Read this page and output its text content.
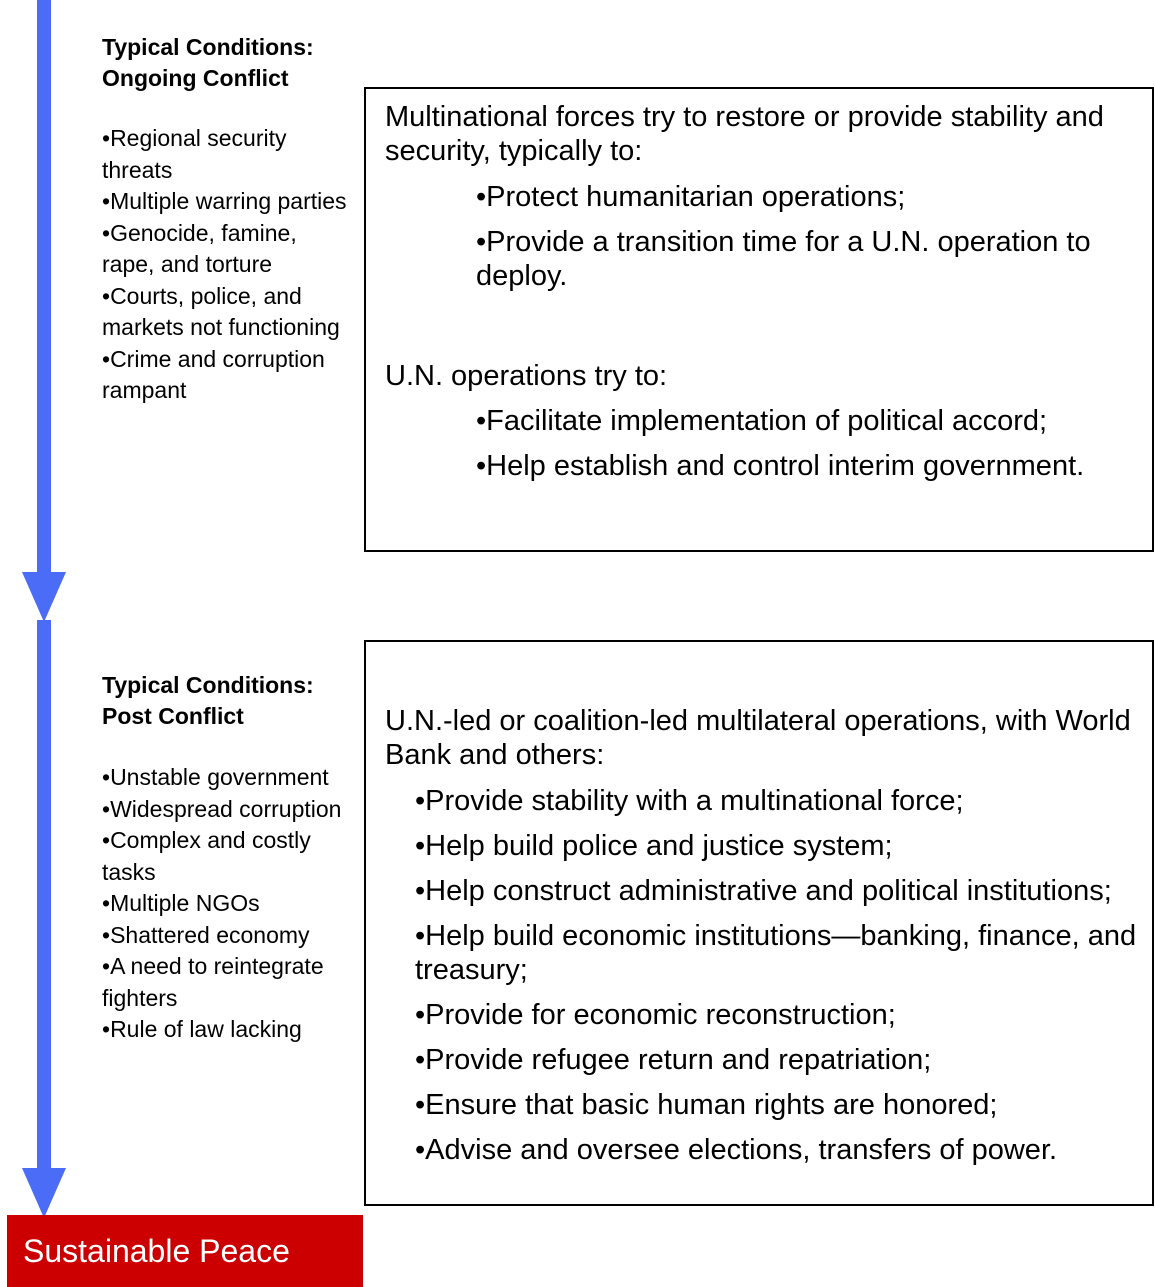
Typical Conditions: Ongoing Conflict
• Regional security threats
• Multiple warring parties
• Genocide, famine, rape, and torture
• Courts, police, and markets not functioning
• Crime and corruption rampant

Multinational forces try to restore or provide stability and security, typically to:

• Protect humanitarian operations;
• Provide a transition time for a U.N. operation to deploy.

U.N. operations try to:

• Facilitate implementation of political accord;
• Help establish and control interim government.
Typical Conditions: Post Conflict
• Unstable government
• Widespread corruption
• Complex and costly tasks
• Multiple NGOs
• Shattered economy
• A need to reintegrate fighters
• Rule of law lacking

U.N.-led or coalition-led multilateral operations, with World Bank and others:

• Provide stability with a multinational force;
• Help build police and justice system;
• Help construct administrative and political institutions;
• Help build economic institutions—banking, finance, and treasury;
• Provide for economic reconstruction;
• Provide refugee return and repatriation;
• Ensure that basic human rights are honored;
• Advise and oversee elections, transfers of power.
Sustainable Peace
